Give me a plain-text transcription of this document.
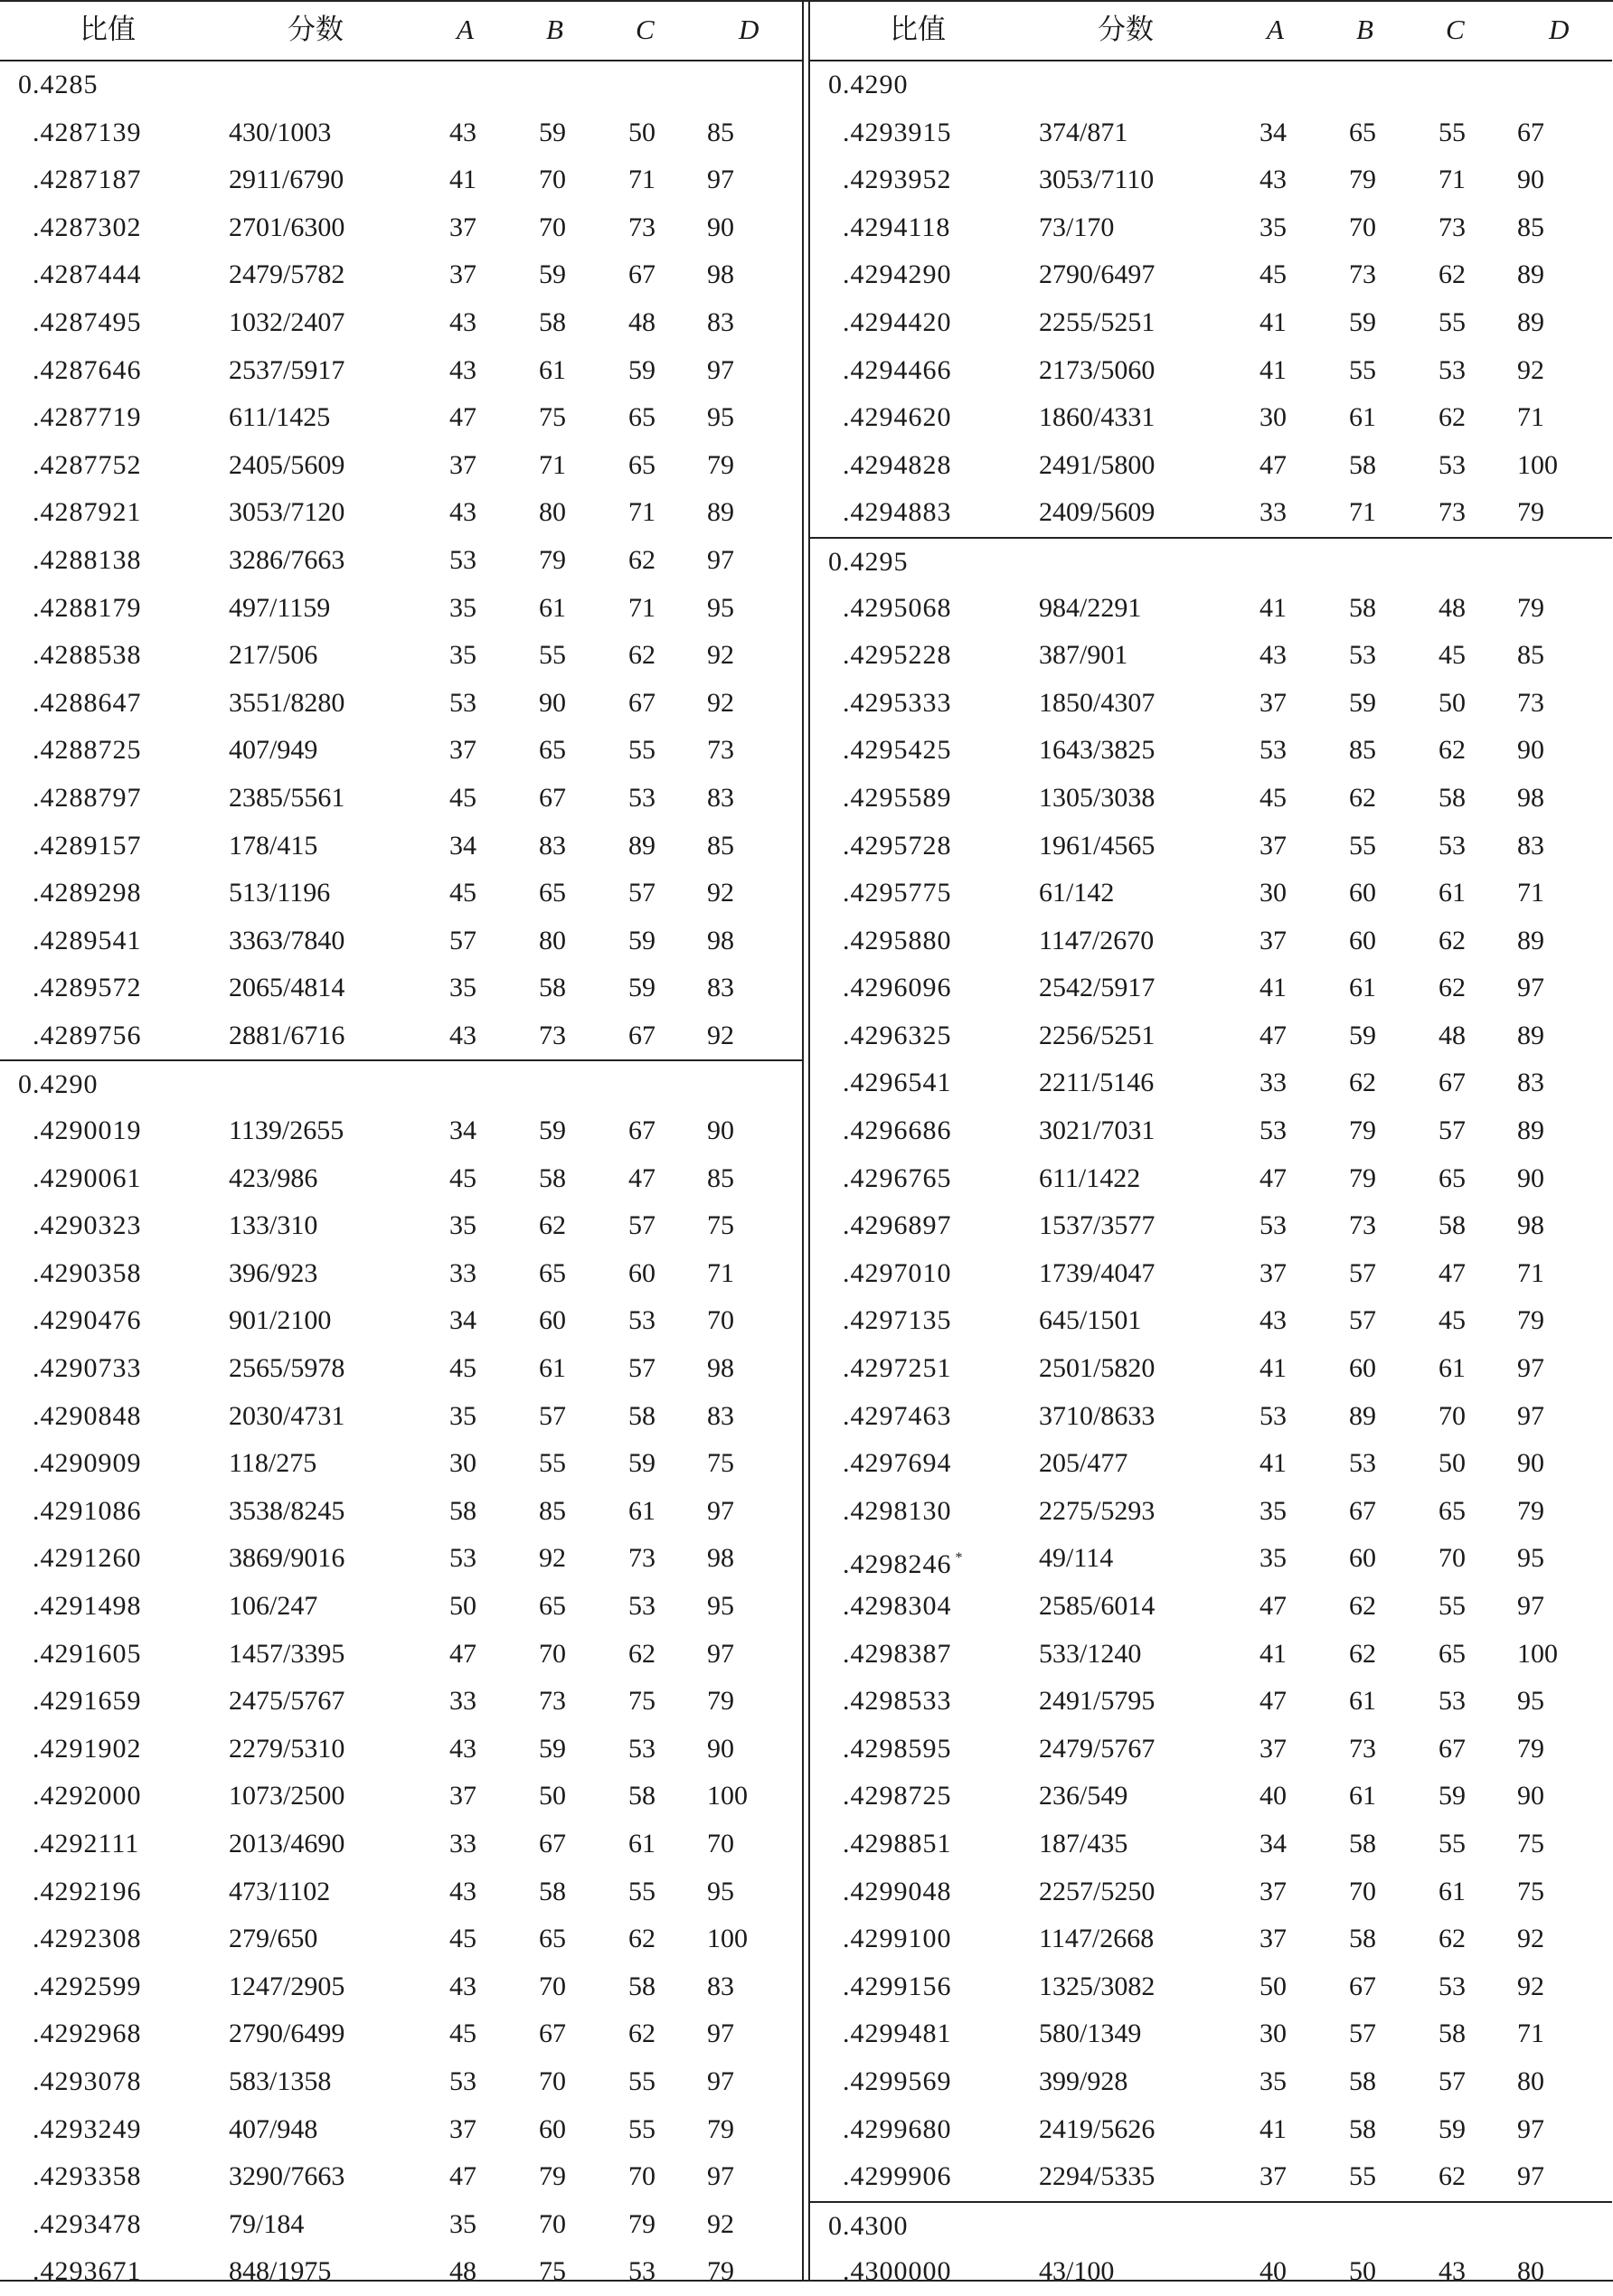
比值	分数	A	B	C	D
0.4285
.4287139	430/1003	43 59 50 85
.4287187	2911/6790	41 70 71 97
.4287302	2701/6300	37 70 73 90
.4287444	2479/5782	37 59 67 98
.4287495	1032/2407	43 58 48 83
.4287646	2537/5917	43 61 59 97
.4287719	611/1425	47 75 65 95
.4287752	2405/5609	37 71 65 79
.4287921	3053/7120	43 80 71 89
.4288138	3286/7663	53 79 62 97
.4288179	497/1159	35 61 71 95
.4288538	217/506	35 55 62 92
.4288647	3551/8280	53 90 67 92
.4288725	407/949	37 65 55 73
.4288797	2385/5561	45 67 53 83
.4289157	178/415	34 83 89 85
.4289298	513/1196	45 65 57 92
.4289541	3363/7840	57 80 59 98
.4289572	2065/4814	35 58 59 83
.4289756	2881/6716	43 73 67 92
0.4290
.4290019	1139/2655	34 59 67 90
.4290061	423/986	45 58 47 85
.4290323	133/310	35 62 57 75
.4290358	396/923	33 65 60 71
.4290476	901/2100	34 60 53 70
.4290733	2565/5978	45 61 57 98
.4290848	2030/4731	35 57 58 83
.4290909	118/275	30 55 59 75
.4291086	3538/8245	58 85 61 97
.4291260	3869/9016	53 92 73 98
.4291498	106/247	50 65 53 95
.4291605	1457/3395	47 70 62 97
.4291659	2475/5767	33 73 75 79
.4291902	2279/5310	43 59 53 90
.4292000	1073/2500	37 50 58 100
.4292111	2013/4690	33 67 61 70
.4292196	473/1102	43 58 55 95
.4292308	279/650	45 65 62 100
.4292599	1247/2905	43 70 58 83
.4292968	2790/6499	45 67 62 97
.4293078	583/1358	53 70 55 97
.4293249	407/948	37 60 55 79
.4293358	3290/7663	47 79 70 97
.4293478	79/184	35 70 79 92
.4293671	848/1975	48 75 53 79
比值	分数	A	B	C	D
0.4290
.4293915	374/871	34 65 55 67
.4293952	3053/7110	43 79 71 90
.4294118	73/170	35 70 73 85
.4294290	2790/6497	45 73 62 89
.4294420	2255/5251	41 59 55 89
.4294466	2173/5060	41 55 53 92
.4294620	1860/4331	30 61 62 71
.4294828	2491/5800	47 58 53 100
.4294883	2409/5609	33 71 73 79
0.4295
.4295068	984/2291	41 58 48 79
.4295228	387/901	43 53 45 85
.4295333	1850/4307	37 59 50 73
.4295425	1643/3825	53 85 62 90
.4295589	1305/3038	45 62 58 98
.4295728	1961/4565	37 55 53 83
.4295775	61/142	30 60 61 71
.4295880	1147/2670	37 60 62 89
.4296096	2542/5917	41 61 62 97
.4296325	2256/5251	47 59 48 89
.4296541	2211/5146	33 62 67 83
.4296686	3021/7031	53 79 57 89
.4296765	611/1422	47 79 65 90
.4296897	1537/3577	53 73 58 98
.4297010	1739/4047	37 57 47 71
.4297135	645/1501	43 57 45 79
.4297251	2501/5820	41 60 61 97
.4297463	3710/8633	53 89 70 97
.4297694	205/477	41 53 50 90
.4298130	2275/5293	35 67 65 79
.4298246 *	49/114	35 60 70 95
.4298304	2585/6014	47 62 55 97
.4298387	533/1240	41 62 65 100
.4298533	2491/5795	47 61 53 95
.4298595	2479/5767	37 73 67 79
.4298725	236/549	40 61 59 90
.4298851	187/435	34 58 55 75
.4299048	2257/5250	37 70 61 75
.4299100	1147/2668	37 58 62 92
.4299156	1325/3082	50 67 53 92
.4299481	580/1349	30 57 58 71
.4299569	399/928	35 58 57 80
.4299680	2419/5626	41 58 59 97
.4299906	2294/5335	37 55 62 97
0.4300
.4300000	43/100	40 50 43 80
